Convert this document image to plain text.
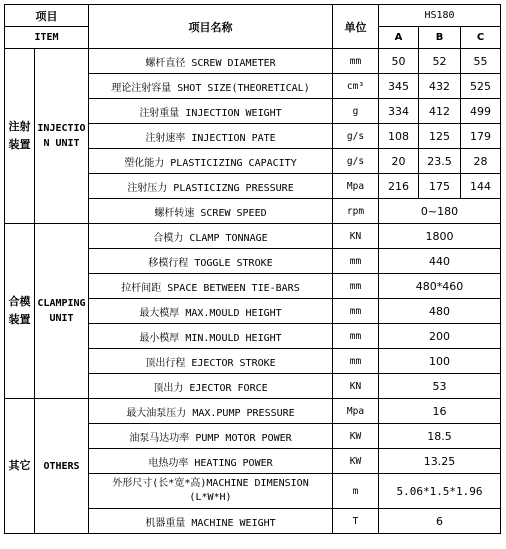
项目		项目名称	单位	HS180		
ITEM				A	B	C
注射装置	INJECTION UNIT	螺杆直径 SCREW DIAMETER	mm	50	52	55
		理论注射容量 SHOT SIZE(THEORETICAL)	cm³	345	432	525
		注射重量 INJECTION WEIGHT	g	334	412	499
		注射速率 INJECTION PATE	g/s	108	125	179
		塑化能力 PLASTICIZING CAPACITY	g/s	20	23.5	28
		注射压力 PLASTICIZNG PRESSURE	Mpa	216	175	144
		螺杆转速 SCREW SPEED	rpm	0~180		
合模装置	CLAMPING UNIT	合模力 CLAMP TONNAGE	KN	1800		
		移模行程 TOGGLE STROKE	mm	440		
		拉杆间距 SPACE BETWEEN TIE-BARS	mm	480*460		
		最大模厚 MAX.MOULD HEIGHT	mm	480		
		最小模厚 MIN.MOULD HEIGHT	mm	200		
		顶出行程 EJECTOR STROKE	mm	100		
		顶出力 EJECTOR FORCE	KN	53		
其它	OTHERS	最大油泵压力 MAX.PUMP PRESSURE	Mpa	16		
		油泵马达功率 PUMP MOTOR POWER	KW	18.5		
		电热功率 HEATING POWER	KW	13.25		
		外形尺寸(长*宽*高)MACHINE DIMENSION (L*W*H)	m	5.06*1.5*1.96		
		机器重量 MACHINE WEIGHT	T	6		
